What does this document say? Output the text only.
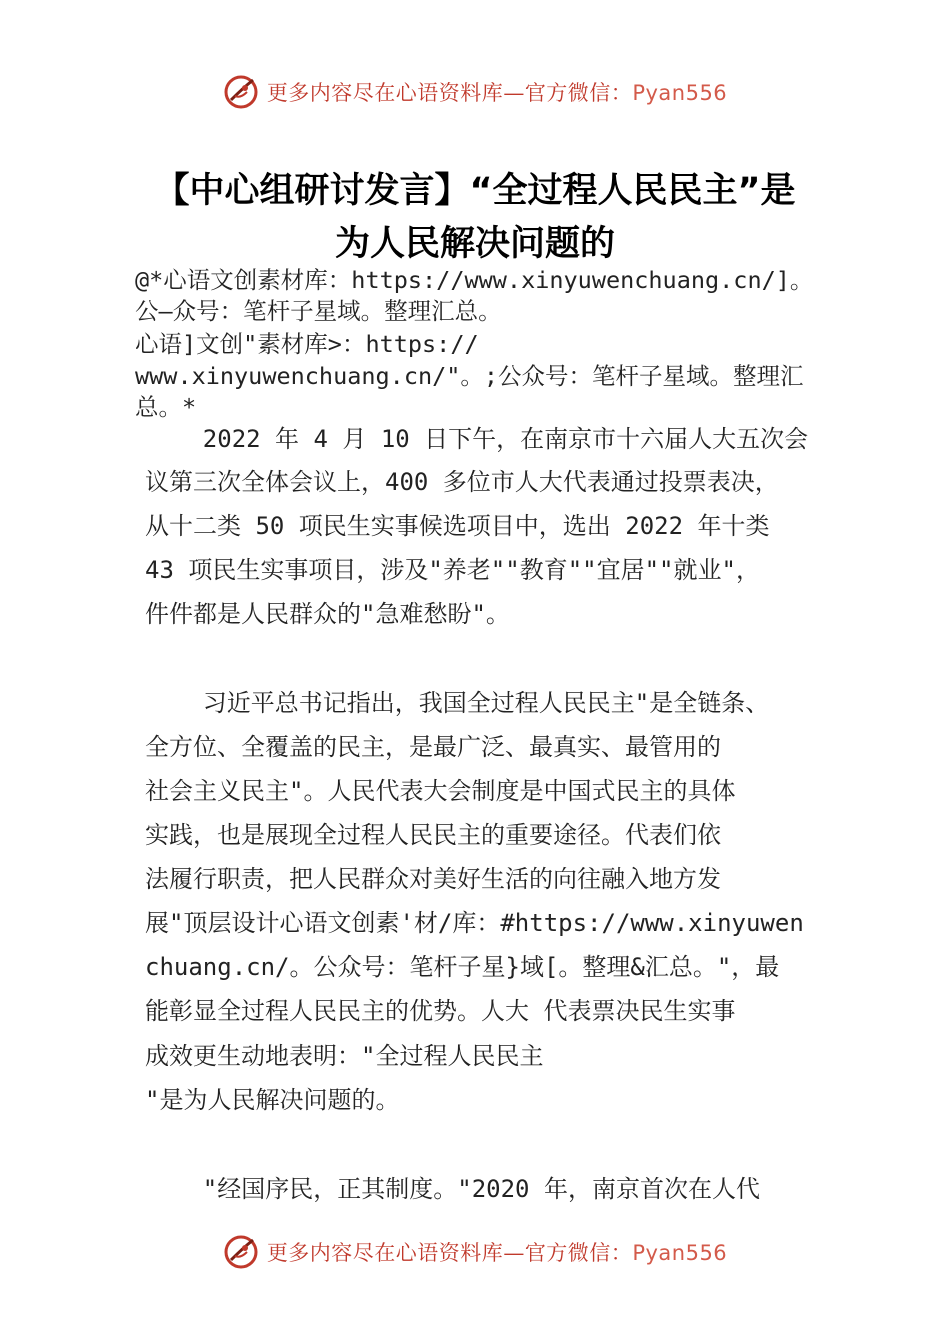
更多内容尽在心语资料库—官方微信：Pyan556
【中心组研讨发言】“全过程人民民主”是
为人民解决问题的
@*心语文创素材库：https://www.xinyuwenchuang.cn/]。
公—众号：笔杆子星域。整理汇总。
心语]文创"素材库>：https://
www.xinyuwenchuang.cn/"。;公众号：笔杆子星域。整理汇
总。*
2022 年 4 月 10 日下午，在南京市十六届人大五次会
议第三次全体会议上，400 多位市人大代表通过投票表决，
从十二类 50 项民生实事候选项目中，选出 2022 年十类
43 项民生实事项目，涉及"养老""教育""宜居""就业"，
件件都是人民群众的"急难愁盼"。
习近平总书记指出，我国全过程人民民主"是全链条、
全方位、全覆盖的民主，是最广泛、最真实、最管用的
社会主义民主"。人民代表大会制度是中国式民主的具体
实践，也是展现全过程人民民主的重要途径。代表们依
法履行职责，把人民群众对美好生活的向往融入地方发
展"顶层设计心语文创素'材/库：#https://www.xinyuwen
chuang.cn/。公众号：笔杆子星}域[。整理&汇总。"，最
能彰显全过程人民民主的优势。人大 代表票决民生实事
成效更生动地表明："全过程人民民主
"是为人民解决问题的。
"经国序民，正其制度。"2020 年，南京首次在人代
更多内容尽在心语资料库—官方微信：Pyan556
